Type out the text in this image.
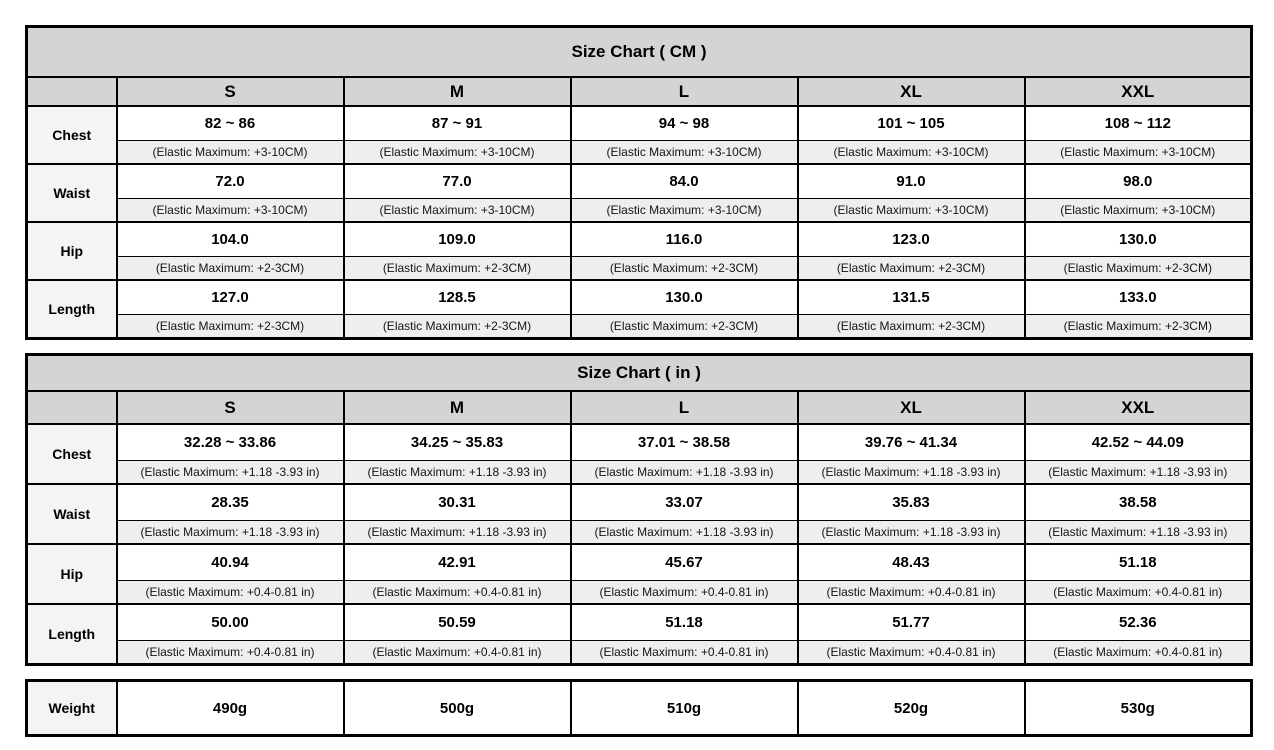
Size Chart ( CM )					
	S	M	L	XL	XXL
Chest	82 ~ 86	87 ~ 91	94 ~ 98	101 ~ 105	108 ~ 112
	(Elastic Maximum: +3-10CM)	(Elastic Maximum: +3-10CM)	(Elastic Maximum: +3-10CM)	(Elastic Maximum: +3-10CM)	(Elastic Maximum: +3-10CM)
Waist	72.0	77.0	84.0	91.0	98.0
	(Elastic Maximum: +3-10CM)	(Elastic Maximum: +3-10CM)	(Elastic Maximum: +3-10CM)	(Elastic Maximum: +3-10CM)	(Elastic Maximum: +3-10CM)
Hip	104.0	109.0	116.0	123.0	130.0
	(Elastic Maximum: +2-3CM)	(Elastic Maximum: +2-3CM)	(Elastic Maximum: +2-3CM)	(Elastic Maximum: +2-3CM)	(Elastic Maximum: +2-3CM)
Length	127.0	128.5	130.0	131.5	133.0
	(Elastic Maximum: +2-3CM)	(Elastic Maximum: +2-3CM)	(Elastic Maximum: +2-3CM)	(Elastic Maximum: +2-3CM)	(Elastic Maximum: +2-3CM)
Size Chart ( in )					
	S	M	L	XL	XXL
Chest	32.28 ~ 33.86	34.25 ~ 35.83	37.01 ~ 38.58	39.76 ~ 41.34	42.52 ~ 44.09
	(Elastic Maximum: +1.18 -3.93 in)	(Elastic Maximum: +1.18 -3.93 in)	(Elastic Maximum: +1.18 -3.93 in)	(Elastic Maximum: +1.18 -3.93 in)	(Elastic Maximum: +1.18 -3.93 in)
Waist	28.35	30.31	33.07	35.83	38.58
	(Elastic Maximum: +1.18 -3.93 in)	(Elastic Maximum: +1.18 -3.93 in)	(Elastic Maximum: +1.18 -3.93 in)	(Elastic Maximum: +1.18 -3.93 in)	(Elastic Maximum: +1.18 -3.93 in)
Hip	40.94	42.91	45.67	48.43	51.18
	(Elastic Maximum: +0.4-0.81 in)	(Elastic Maximum: +0.4-0.81 in)	(Elastic Maximum: +0.4-0.81 in)	(Elastic Maximum: +0.4-0.81 in)	(Elastic Maximum: +0.4-0.81 in)
Length	50.00	50.59	51.18	51.77	52.36
	(Elastic Maximum: +0.4-0.81 in)	(Elastic Maximum: +0.4-0.81 in)	(Elastic Maximum: +0.4-0.81 in)	(Elastic Maximum: +0.4-0.81 in)	(Elastic Maximum: +0.4-0.81 in)
Weight	490g	500g	510g	520g	530g
